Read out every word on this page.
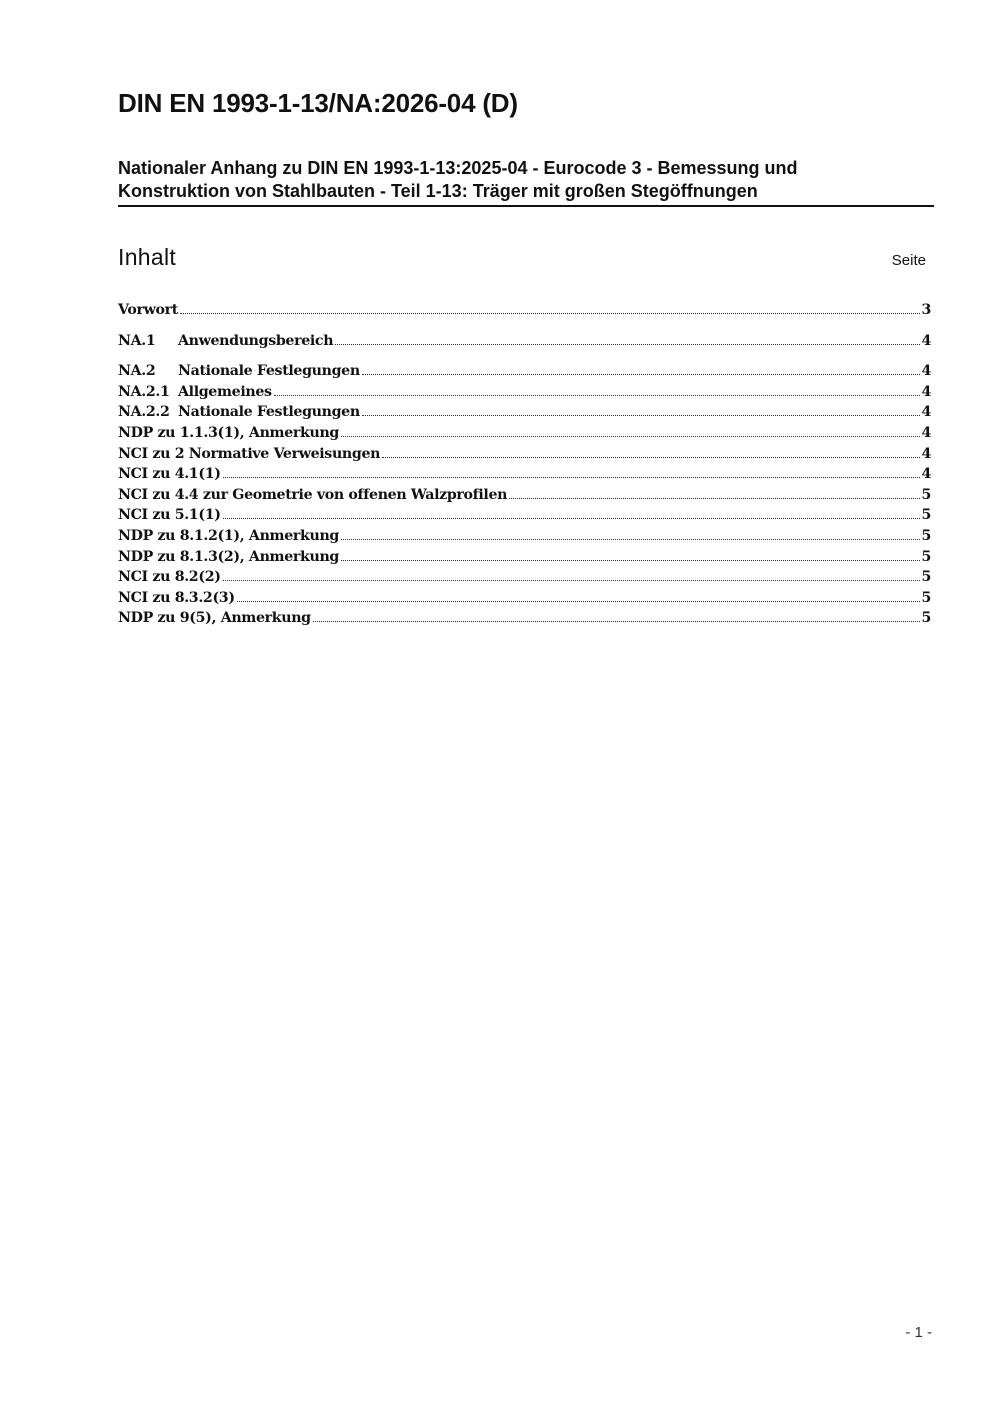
DIN EN 1993-1-13/NA:2026-04 (D)
Nationaler Anhang zu DIN EN 1993-1-13:2025-04 - Eurocode 3 - Bemessung und
Konstruktion von Stahlbauten - Teil 1-13: Träger mit großen Stegöffnungen
Inhalt	Seite
Vorwort	3
NA.1	Anwendungsbereich	4
NA.2	Nationale Festlegungen	4
NA.2.1 Allgemeines	4
NA.2.2 Nationale Festlegungen	4
NDP zu 1.1.3(1), Anmerkung	4
NCI zu 2 Normative Verweisungen	4
NCI zu 4.1(1)	4
NCI zu 4.4 zur Geometrie von offenen Walzprofilen	5
NCI zu 5.1(1)	5
NDP zu 8.1.2(1), Anmerkung	5
NDP zu 8.1.3(2), Anmerkung	5
NCI zu 8.2(2)	5
NCI zu 8.3.2(3)	5
NDP zu 9(5), Anmerkung	5
- 1 -
